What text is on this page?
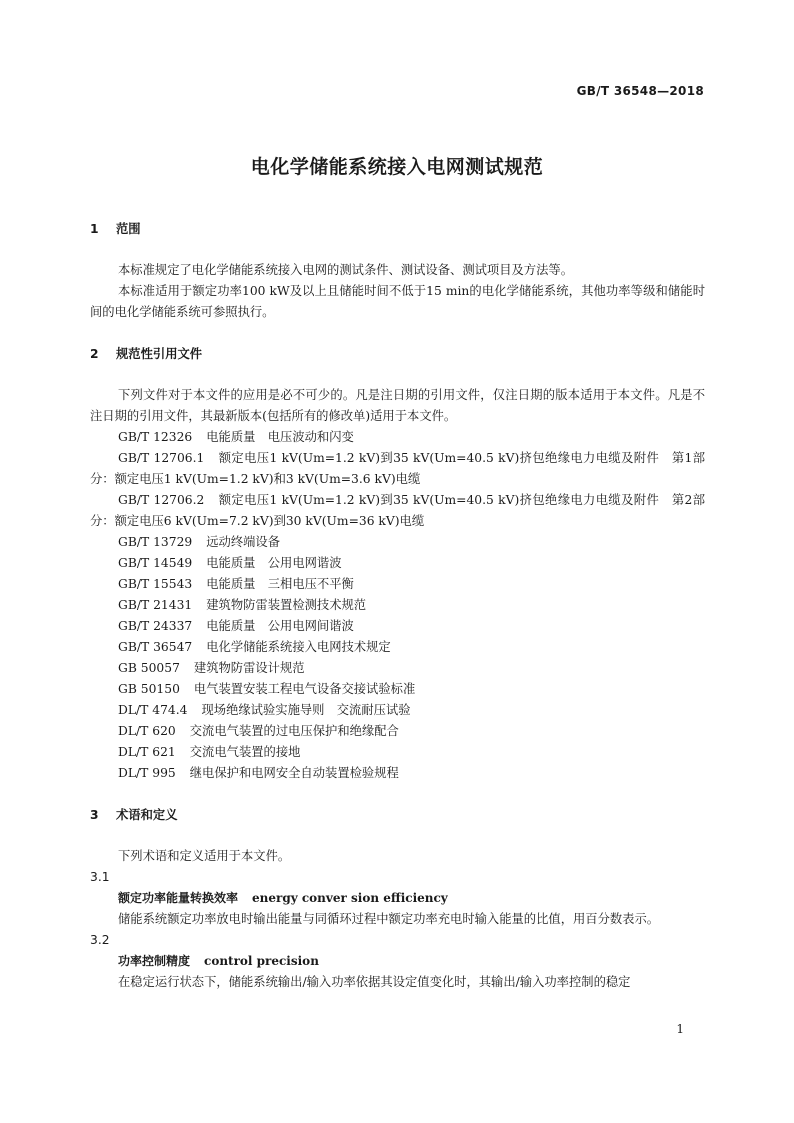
GB/T 36548—2018
电化学储能系统接入电网测试规范
1 范围

本标准规定了电化学储能系统接入电网的测试条件、测试设备、测试项目及方法等。

本标准适用于额定功率100 kW及以上且储能时间不低于15 min的电化学储能系统，其他功率等级和储能时间的电化学储能系统可参照执行。

2 规范性引用文件

下列文件对于本文件的应用是必不可少的。凡是注日期的引用文件，仅注日期的版本适用于本文件。凡是不注日期的引用文件，其最新版本(包括所有的修改单)适用于本文件。

GB/T 12326 电能质量　电压波动和闪变

GB/T 12706.1 额定电压1 kV(Um=1.2 kV)到35 kV(Um=40.5 kV)挤包绝缘电力电缆及附件　第1部分：额定电压1 kV(Um=1.2 kV)和3 kV(Um=3.6 kV)电缆

GB/T 12706.2 额定电压1 kV(Um=1.2 kV)到35 kV(Um=40.5 kV)挤包绝缘电力电缆及附件　第2部分：额定电压6 kV(Um=7.2 kV)到30 kV(Um=36 kV)电缆

GB/T 13729 远动终端设备
GB/T 14549 电能质量　公用电网谐波
GB/T 15543 电能质量　三相电压不平衡
GB/T 21431 建筑物防雷装置检测技术规范
GB/T 24337 电能质量　公用电网间谐波
GB/T 36547 电化学储能系统接入电网技术规定
GB 50057 建筑物防雷设计规范
GB 50150 电气装置安装工程电气设备交接试验标准
DL/T 474.4 现场绝缘试验实施导则　交流耐压试验
DL/T 620 交流电气装置的过电压保护和绝缘配合
DL/T 621 交流电气装置的接地
DL/T 995 继电保护和电网安全自动装置检验规程
3 术语和定义

下列术语和定义适用于本文件。

3.1
额定功率能量转换效率 energy conver sion efficiency

储能系统额定功率放电时输出能量与同循环过程中额定功率充电时输入能量的比值，用百分数表示。

3.2
功率控制精度 control precision

在稳定运行状态下，储能系统输出/输入功率依据其设定值变化时，其输出/输入功率控制的稳定

1
